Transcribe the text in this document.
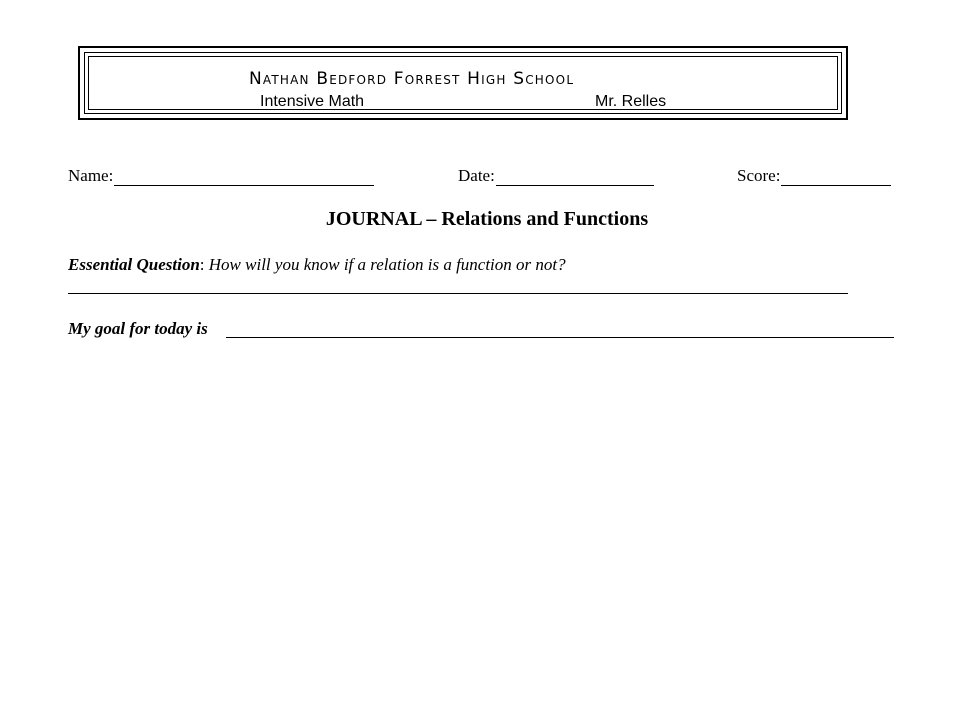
Nathan Bedford Forrest High School
Intensive Math	Mr. Relles
Name:	Date:	Score:
JOURNAL – Relations and Functions
Essential Question: How will you know if a relation is a function or not?
My goal for today is
